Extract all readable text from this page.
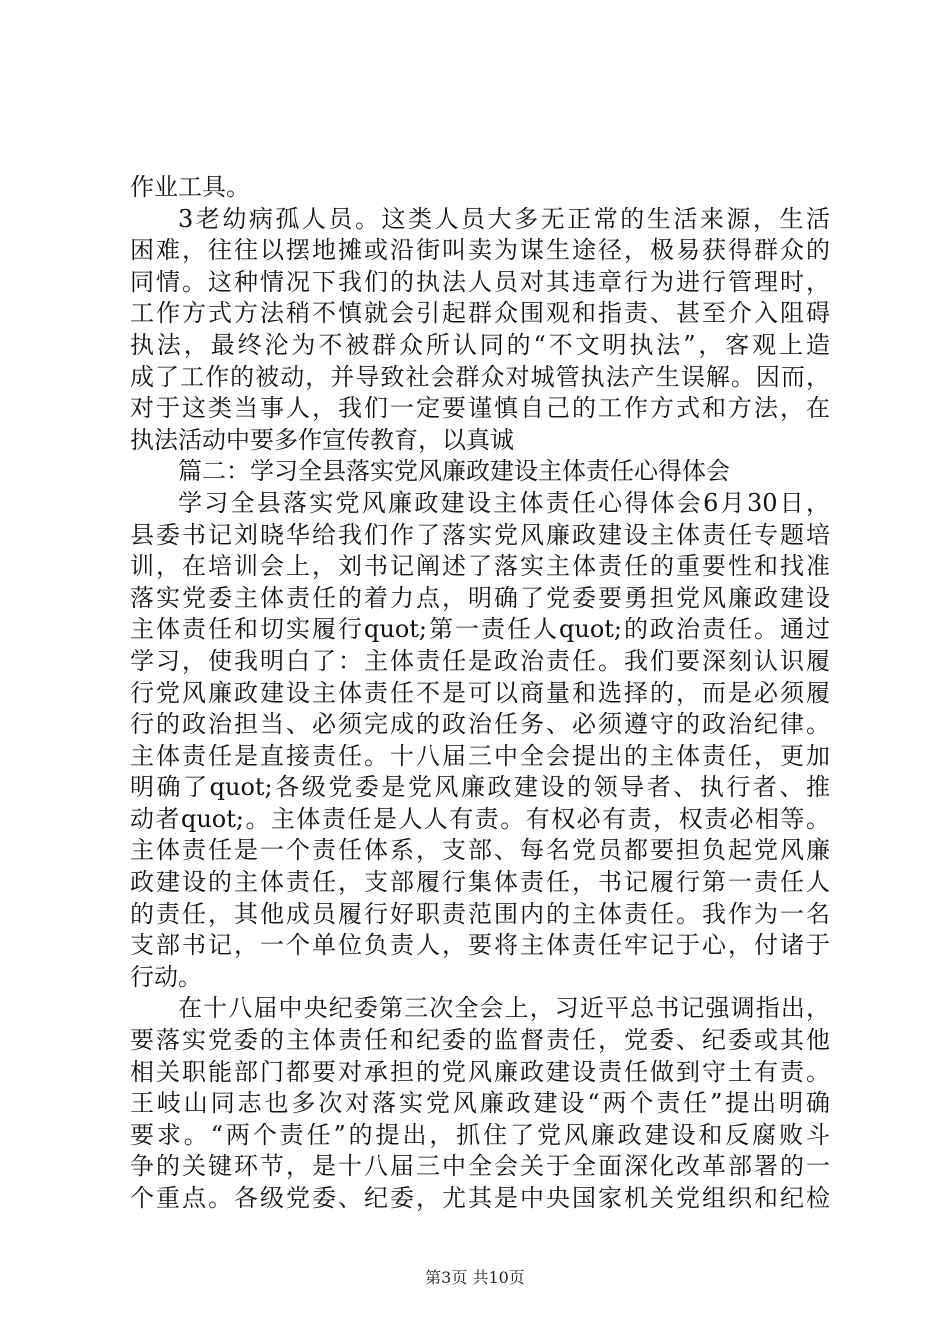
作业工具。
3老幼病孤人员。这类人员大多无正常的生活来源，生活
困难，往往以摆地摊或沿街叫卖为谋生途径，极易获得群众的
同情。这种情况下我们的执法人员对其违章行为进行管理时，
工作方式方法稍不慎就会引起群众围观和指责、甚至介入阻碍
执法，最终沦为不被群众所认同的“不文明执法”，客观上造
成了工作的被动，并导致社会群众对城管执法产生误解。因而，
对于这类当事人，我们一定要谨慎自己的工作方式和方法，在
执法活动中要多作宣传教育，以真诚
篇二：学习全县落实党风廉政建设主体责任心得体会
学习全县落实党风廉政建设主体责任心得体会6月30日，
县委书记刘晓华给我们作了落实党风廉政建设主体责任专题培
训，在培训会上，刘书记阐述了落实主体责任的重要性和找准
落实党委主体责任的着力点，明确了党委要勇担党风廉政建设
主体责任和切实履行quot;第一责任人quot;的政治责任。通过
学习，使我明白了：主体责任是政治责任。我们要深刻认识履
行党风廉政建设主体责任不是可以商量和选择的，而是必须履
行的政治担当、必须完成的政治任务、必须遵守的政治纪律。
主体责任是直接责任。十八届三中全会提出的主体责任，更加
明确了quot;各级党委是党风廉政建设的领导者、执行者、推
动者quot;。主体责任是人人有责。有权必有责，权责必相等。
主体责任是一个责任体系，支部、每名党员都要担负起党风廉
政建设的主体责任，支部履行集体责任，书记履行第一责任人
的责任，其他成员履行好职责范围内的主体责任。我作为一名
支部书记，一个单位负责人，要将主体责任牢记于心，付诸于
行动。
在十八届中央纪委第三次全会上，习近平总书记强调指出，
要落实党委的主体责任和纪委的监督责任，党委、纪委或其他
相关职能部门都要对承担的党风廉政建设责任做到守土有责。
王岐山同志也多次对落实党风廉政建设“两个责任”提出明确
要求。“两个责任”的提出，抓住了党风廉政建设和反腐败斗
争的关键环节，是十八届三中全会关于全面深化改革部署的一
个重点。各级党委、纪委，尤其是中央国家机关党组织和纪检
第3页 共10页
